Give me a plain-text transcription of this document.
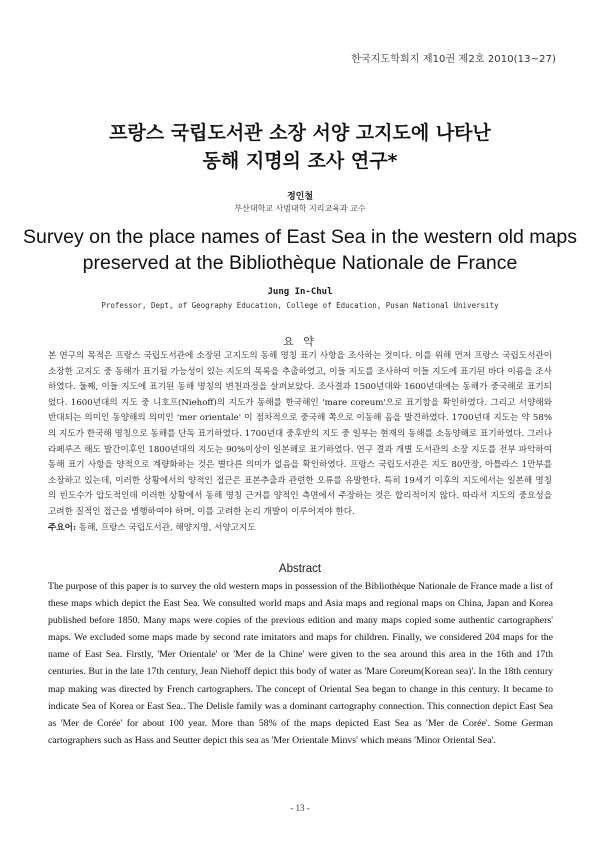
한국지도학회지 제10권 제2호 2010(13~27)
프랑스 국립도서관 소장 서양 고지도에 나타난
동해 지명의 조사 연구*
정인철
부산대학교 사범대학 지리교육과 교수
Survey on the place names of East Sea in the western old maps
preserved at the Bibliothèque Nationale de France
Jung In-Chul
Professor, Dept, of Geography Education, College of Education, Pusan National University
요 약

본 연구의 목적은 프랑스 국립도서관에 소장된 고지도의 동해 명칭 표기 사항을 조사하는 것이다. 이를 위해 먼저 프랑스 국립도서관이 소장한 고지도 중 동해가 표기될 가능성이 있는 지도의 목록을 추출하였고, 이들 지도를 조사하여 이들 지도에 표기된 바다 이름을 조사하였다. 둘째, 이들 지도에 표기된 동해 명칭의 변천과정을 살펴보았다. 조사결과 1500년대와 1600년대에는 동해가 중국해로 표기되었다. 1600년대의 지도 중 니호프(Niehoff)의 지도가 동해를 한국해인 'mare coreum'으로 표기함을 확인하였다. 그리고 서양해와 반대되는 의미인 동양해의 의미인 'mer orientale' 이 점차적으로 중국해 쪽으로 이동해 옴을 발견하였다. 1700년대 지도는 약 58%의 지도가 한국해 명칭으로 동해를 단독 표기하였다. 1700년대 중후반의 지도 중 일부는 현재의 동해를 소동양해로 표기하였다. 그러나 라페루즈 해도 발간이후인 1800년대의 지도는 90%이상이 일본해로 표기하였다. 연구 결과 개별 도서관의 소장 지도를 전부 파악하여 동해 표기 사항을 양적으로 계량화하는 것은 별다른 의미가 없음을 확인하였다. 프랑스 국립도서관은 지도 80만장, 아틀라스 1만부를 소장하고 있는데, 이러한 상황에서의 양적인 접근은 표본추출과 관련한 오류를 유발한다. 특히 19세기 이후의 지도에서는 일본해 명칭의 빈도수가 압도적인데 이러한 상황에서 동해 명칭 근거를 양적인 측면에서 주장하는 것은 합리적이지 않다. 따라서 지도의 중요성을 고려한 질적인 접근을 병행하여야 하며, 이를 고려한 논리 개발이 이루어져야 한다.
주요어: 동해, 프랑스 국립도서관, 해양지명, 서양고지도

Abstract

The purpose of this paper is to survey the old western maps in possession of the Bibliothèque Nationale de France made a list of these maps which depict the East Sea. We consulted world maps and Asia maps and regional maps on China, Japan and Korea published before 1850. Many maps were copies of the previous edition and many maps copied some authentic cartographers' maps. We excluded some maps made by second rate imitators and maps for children. Finally, we considered 204 maps for the name of East Sea. Firstly, 'Mer Orientale' or 'Mer de la Chine' were given to the sea around this area in the 16th and 17th centuries. But in the late 17th century, Jean Niehoff depict this body of water as 'Mare Coreum(Korean sea)'. In the 18th century map making was directed by French cartographers. The concept of Oriental Sea began to change in this century. It became to indicate Sea of Korea or East Sea.. The Delisle family was a dominant cartography connection. This connection depict East Sea as 'Mer de Corée' for about 100 year. More than 58% of the maps depicted East Sea as 'Mer de Corée'. Some German cartographers such as Hass and Seutter depict this sea as 'Mer Orientale Minvs' which means 'Minor Oriental Sea'.

- 13 -
